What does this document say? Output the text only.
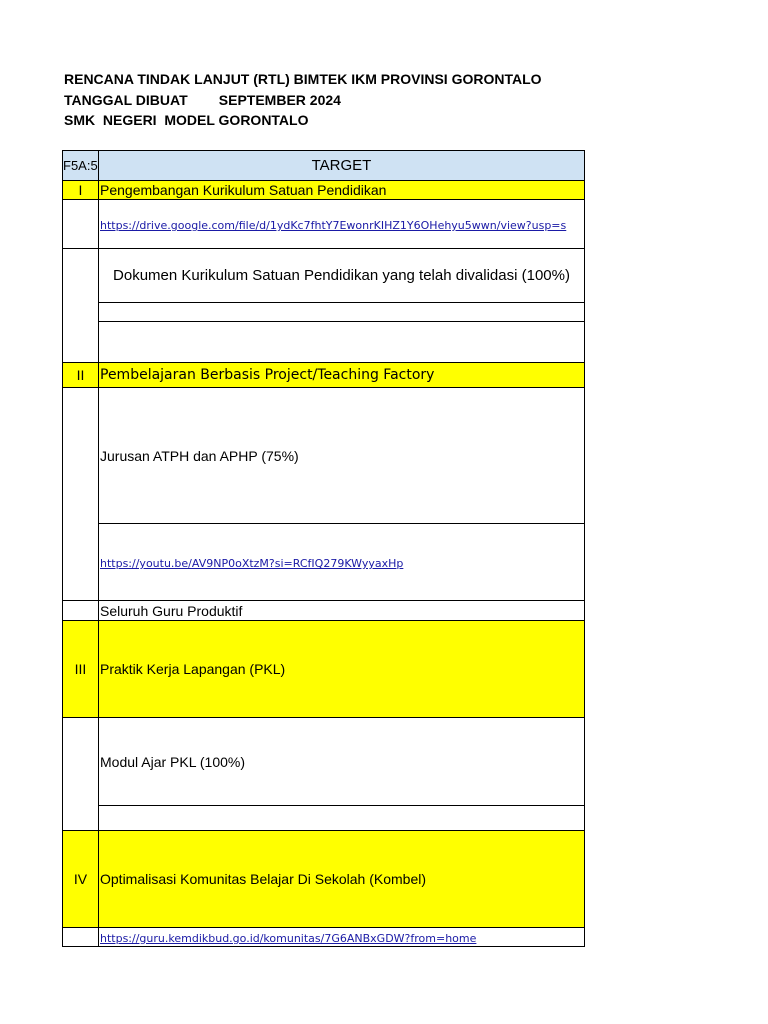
RENCANA TINDAK LANJUT (RTL) BIMTEK IKM PROVINSI GORONTALO
TANGGAL DIBUAT        SEPTEMBER 2024
SMK  NEGERI  MODEL GORONTALO
5:F5A	TARGET
I	Pengembangan Kurikulum Satuan Pendidikan
	https://drive.google.com/file/d/1ydKc7fhtY7EwonrKIHZ1Y6OHehyu5wwn/view?usp=s
	Dokumen Kurikulum Satuan Pendidikan yang telah divalidasi (100%)

II	Pembelajaran Berbasis Project/Teaching Factory
	Jurusan ATPH dan APHP (75%)
	https://youtu.be/AV9NP0oXtzM?si=RCfIQ279KWyyaxHp
	Seluruh Guru Produktif
III	Praktik Kerja Lapangan (PKL)
	Modul Ajar PKL (100%)

IV	Optimalisasi Komunitas Belajar Di Sekolah (Kombel)
	https://guru.kemdikbud.go.id/komunitas/7G6ANBxGDW?from=home
